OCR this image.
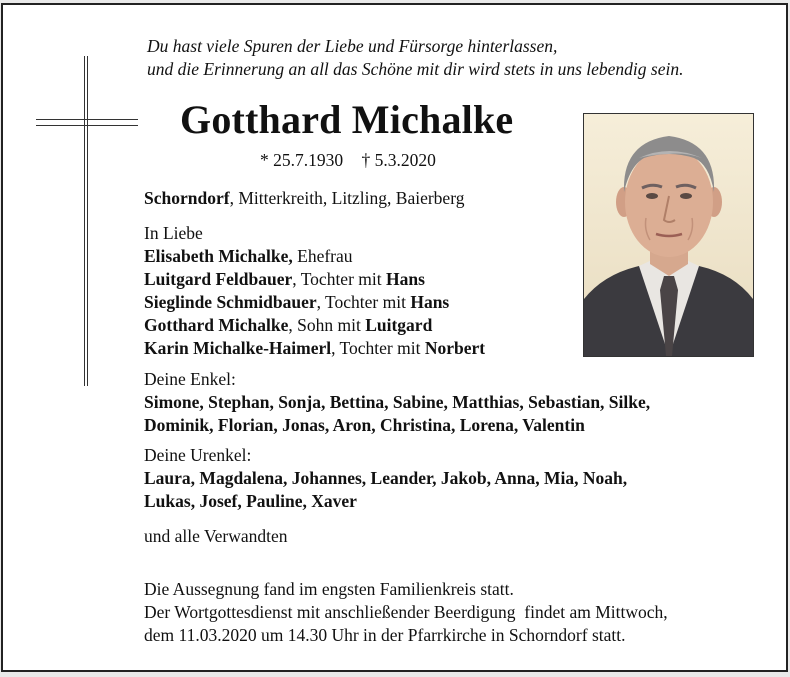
Du hast viele Spuren der Liebe und Fürsorge hinterlassen,

und die Erinnerung an all das Schöne mit dir wird stets in uns lebendig sein.

Gotthard Michalke
* 25.7.1930 † 5.3.2020

Schorndorf, Mitterkreith, Litzling, Baierberg

In Liebe

Elisabeth Michalke, Ehefrau

Luitgard Feldbauer, Tochter mit Hans

Sieglinde Schmidbauer, Tochter mit Hans

Gotthard Michalke, Sohn mit Luitgard

Karin Michalke-Haimerl, Tochter mit Norbert

Deine Enkel:

Simone, Stephan, Sonja, Bettina, Sabine, Matthias, Sebastian, Silke,

Dominik, Florian, Jonas, Aron, Christina, Lorena, Valentin

Deine Urenkel:

Laura, Magdalena, Johannes, Leander, Jakob, Anna, Mia, Noah,

Lukas, Josef, Pauline, Xaver

und alle Verwandten

Die Aussegnung fand im engsten Familienkreis statt.

Der Wortgottesdienst mit anschließender Beerdigung  findet am Mittwoch,

dem 11.03.2020 um 14.30 Uhr in der Pfarrkirche in Schorndorf statt.
